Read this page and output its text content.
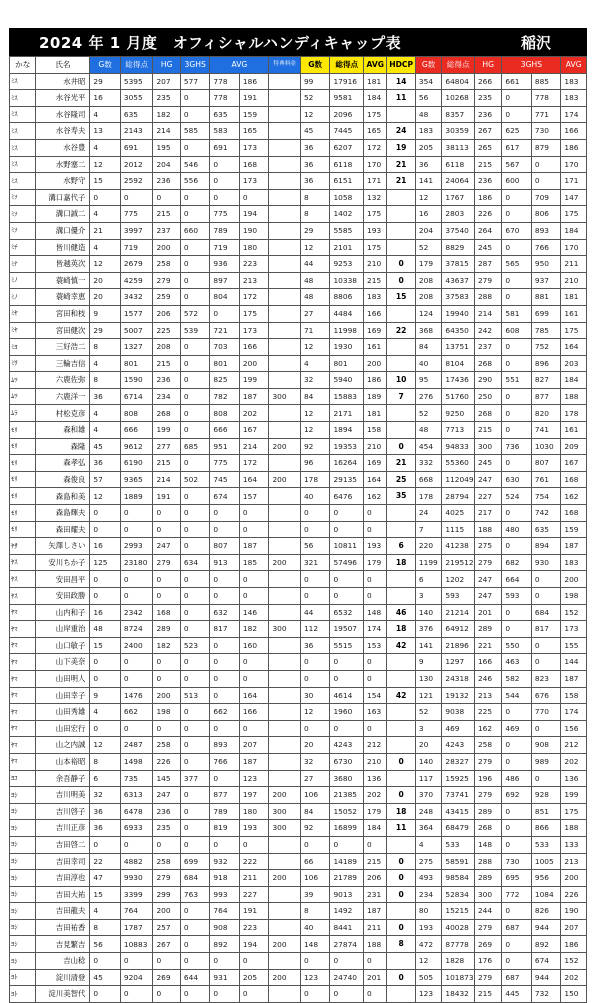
2024 年 1 月度　オフィシャルハンディキャップ表	稲沢
かな	氏名	G数	総得点	HG	3GHS	AVG		特典料金	G数	総得点	AVG	HDCP	G数	総得点	HG	3GHS		AVG
ﾐｽ	水井昭	29	5395	207	577	778	186		99	17916	181	14	354	64804	266	661	885	183
ﾐｽ	水谷光平	16	3055	235	0	778	191		52	9581	184	11	56	10268	235	0	778	183
ﾐｽ	水谷隆司	4	635	182	0	635	159		12	2096	175		48	8357	236	0	771	174
ﾐｽ	水谷寿夫	13	2143	214	585	583	165		45	7445	165	24	183	30359	267	625	730	166
ﾐｽ	水谷豊	4	691	195	0	691	173		36	6207	172	19	205	38113	265	617	879	186
ﾐｽ	水野塞二	12	2012	204	546	0	168		36	6118	170	21	36	6118	215	567	0	170
ﾐｽ	水野守	15	2592	236	556	0	173		36	6151	171	21	141	24064	236	600	0	171
ﾐｿ	溝口嘉代子	0	0	0	0	0	0		8	1058	132		12	1767	186	0	709	147
ﾐｿ	溝口誠二	4	775	215	0	775	194		8	1402	175		16	2803	226	0	806	175
ﾐｿ	溝口優介	21	3997	237	660	789	190		29	5585	193		204	37540	264	670	893	184
ﾐﾁ	皆川健造	4	719	200	0	719	180		12	2101	175		52	8829	245	0	766	170
ﾐﾅ	皆越英次	12	2679	258	0	936	223		44	9253	210	0	179	37815	287	565	950	211
ﾐﾉ	蓑崎慎一	20	4259	279	0	897	213		48	10338	215	0	208	43637	279	0	937	210
ﾐﾉ	蓑崎幸恵	20	3432	259	0	804	172		48	8806	183	15	208	37583	288	0	881	181
ﾐﾔ	宮田和枝	9	1577	206	572	0	175		27	4484	166		124	19940	214	581	699	161
ﾐﾔ	宮田健次	29	5007	225	539	721	173		71	11998	169	22	368	64350	242	608	785	175
ﾐﾖ	三好浩二	8	1327	208	0	703	166		12	1930	161		84	13751	237	0	752	164
ﾐﾜ	三輪吉信	4	801	215	0	801	200		4	801	200		40	8104	268	0	896	203
ﾑﾂ	六鹿佐弥	8	1590	236	0	825	199		32	5940	186	10	95	17436	290	551	827	184
ﾑﾂ	六鹿洋一	36	6714	234	0	782	187	300	84	15883	189	7	276	51760	250	0	877	188
ﾑﾗ	村松克彦	4	808	268	0	808	202		12	2171	181		52	9250	268	0	820	178
ﾓﾘ	森和雄	4	666	199	0	666	167		12	1894	158		48	7713	215	0	741	161
ﾓﾘ	森隆	45	9612	277	685	951	214	200	92	19353	210	0	454	94833	300	736	1030	209
ﾓﾘ	森孝弘	36	6190	215	0	775	172		96	16264	169	21	332	55360	245	0	807	167
ﾓﾘ	森俊良	57	9365	214	502	745	164	200	178	29135	164	25	668	112049	247	630	761	168
ﾓﾘ	森島和美	12	1889	191	0	674	157		40	6476	162	35	178	28794	227	524	754	162
ﾓﾘ	森島輝夫	0	0	0	0	0	0		0	0	0		24	4025	217	0	742	168
ﾓﾘ	森田耀夫	0	0	0	0	0	0		0	0	0		7	1115	188	480	635	159
ﾔｻ	矢澤しさい	16	2993	247	0	807	187		56	10811	193	6	220	41238	275	0	894	187
ﾔｽ	安川ちか子	125	23180	279	634	913	185	200	321	57496	179	18	1199	219512	279	682	930	183
ﾔｽ	安田昌平	0	0	0	0	0	0		0	0	0		6	1202	247	664	0	200
ﾔｽ	安田政勝	0	0	0	0	0	0		0	0	0		3	593	247	593	0	198
ﾔﾏ	山内和子	16	2342	168	0	632	146		44	6532	148	46	140	21214	201	0	684	152
ﾔﾏ	山岸重治	48	8724	289	0	817	182	300	112	19507	174	18	376	64912	289	0	817	173
ﾔﾏ	山口敏子	15	2400	182	523	0	160		36	5515	153	42	141	21896	221	550	0	155
ﾔﾏ	山下美奈	0	0	0	0	0	0		0	0	0		9	1297	166	463	0	144
ﾔﾏ	山田明人	0	0	0	0	0	0		0	0	0		130	24318	246	582	823	187
ﾔﾏ	山田幸子	9	1476	200	513	0	164		30	4614	154	42	121	19132	213	544	676	158
ﾔﾏ	山田秀雄	4	662	198	0	662	166		12	1960	163		52	9038	225	0	770	174
ﾔﾏ	山田宏行	0	0	0	0	0	0		0	0	0		3	469	162	469	0	156
ﾔﾏ	山之内誠	12	2487	258	0	893	207		20	4243	212		20	4243	258	0	908	212
ﾔﾏ	山本裕昭	8	1498	226	0	766	187		32	6730	210	0	140	28327	279	0	989	202
ﾖｺ	余吾静子	6	735	145	377	0	123		27	3680	136		117	15925	196	486	0	136
ﾖｼ	吉川明美	32	6313	247	0	877	197	200	106	21385	202	0	370	73741	279	692	928	199
ﾖｼ	吉川啓子	36	6478	236	0	789	180	300	84	15052	179	18	248	43415	289	0	851	175
ﾖｼ	吉川正彦	36	6933	235	0	819	193	300	92	16899	184	11	364	68479	268	0	866	188
ﾖｼ	吉田啓二	0	0	0	0	0	0		0	0	0		4	533	148	0	533	133
ﾖｼ	吉田幸司	22	4882	258	699	932	222		66	14189	215	0	275	58591	288	730	1005	213
ﾖｼ	吉田淳也	47	9930	279	684	918	211	200	106	21789	206	0	493	98584	289	695	956	200
ﾖｼ	吉田大祐	15	3399	299	763	993	227		39	9013	231	0	234	52834	300	772	1084	226
ﾖｼ	吉田龍夫	4	764	200	0	764	191		8	1492	187		80	15215	244	0	826	190
ﾖｼ	吉田祐香	8	1787	257	0	908	223		40	8441	211	0	193	40028	279	687	944	207
ﾖｼ	吉見繁吉	56	10883	267	0	892	194	200	148	27874	188	8	472	87778	269	0	892	186
ﾖｼ	吉山稔	0	0	0	0	0	0		0	0	0		12	1828	176	0	674	152
ﾖﾄ	淀川清登	45	9204	269	644	931	205	200	123	24740	201	0	505	101873	279	687	944	202
ﾖﾄ	淀川美智代	0	0	0	0	0	0		0	0	0		123	18432	215	445	732	150
